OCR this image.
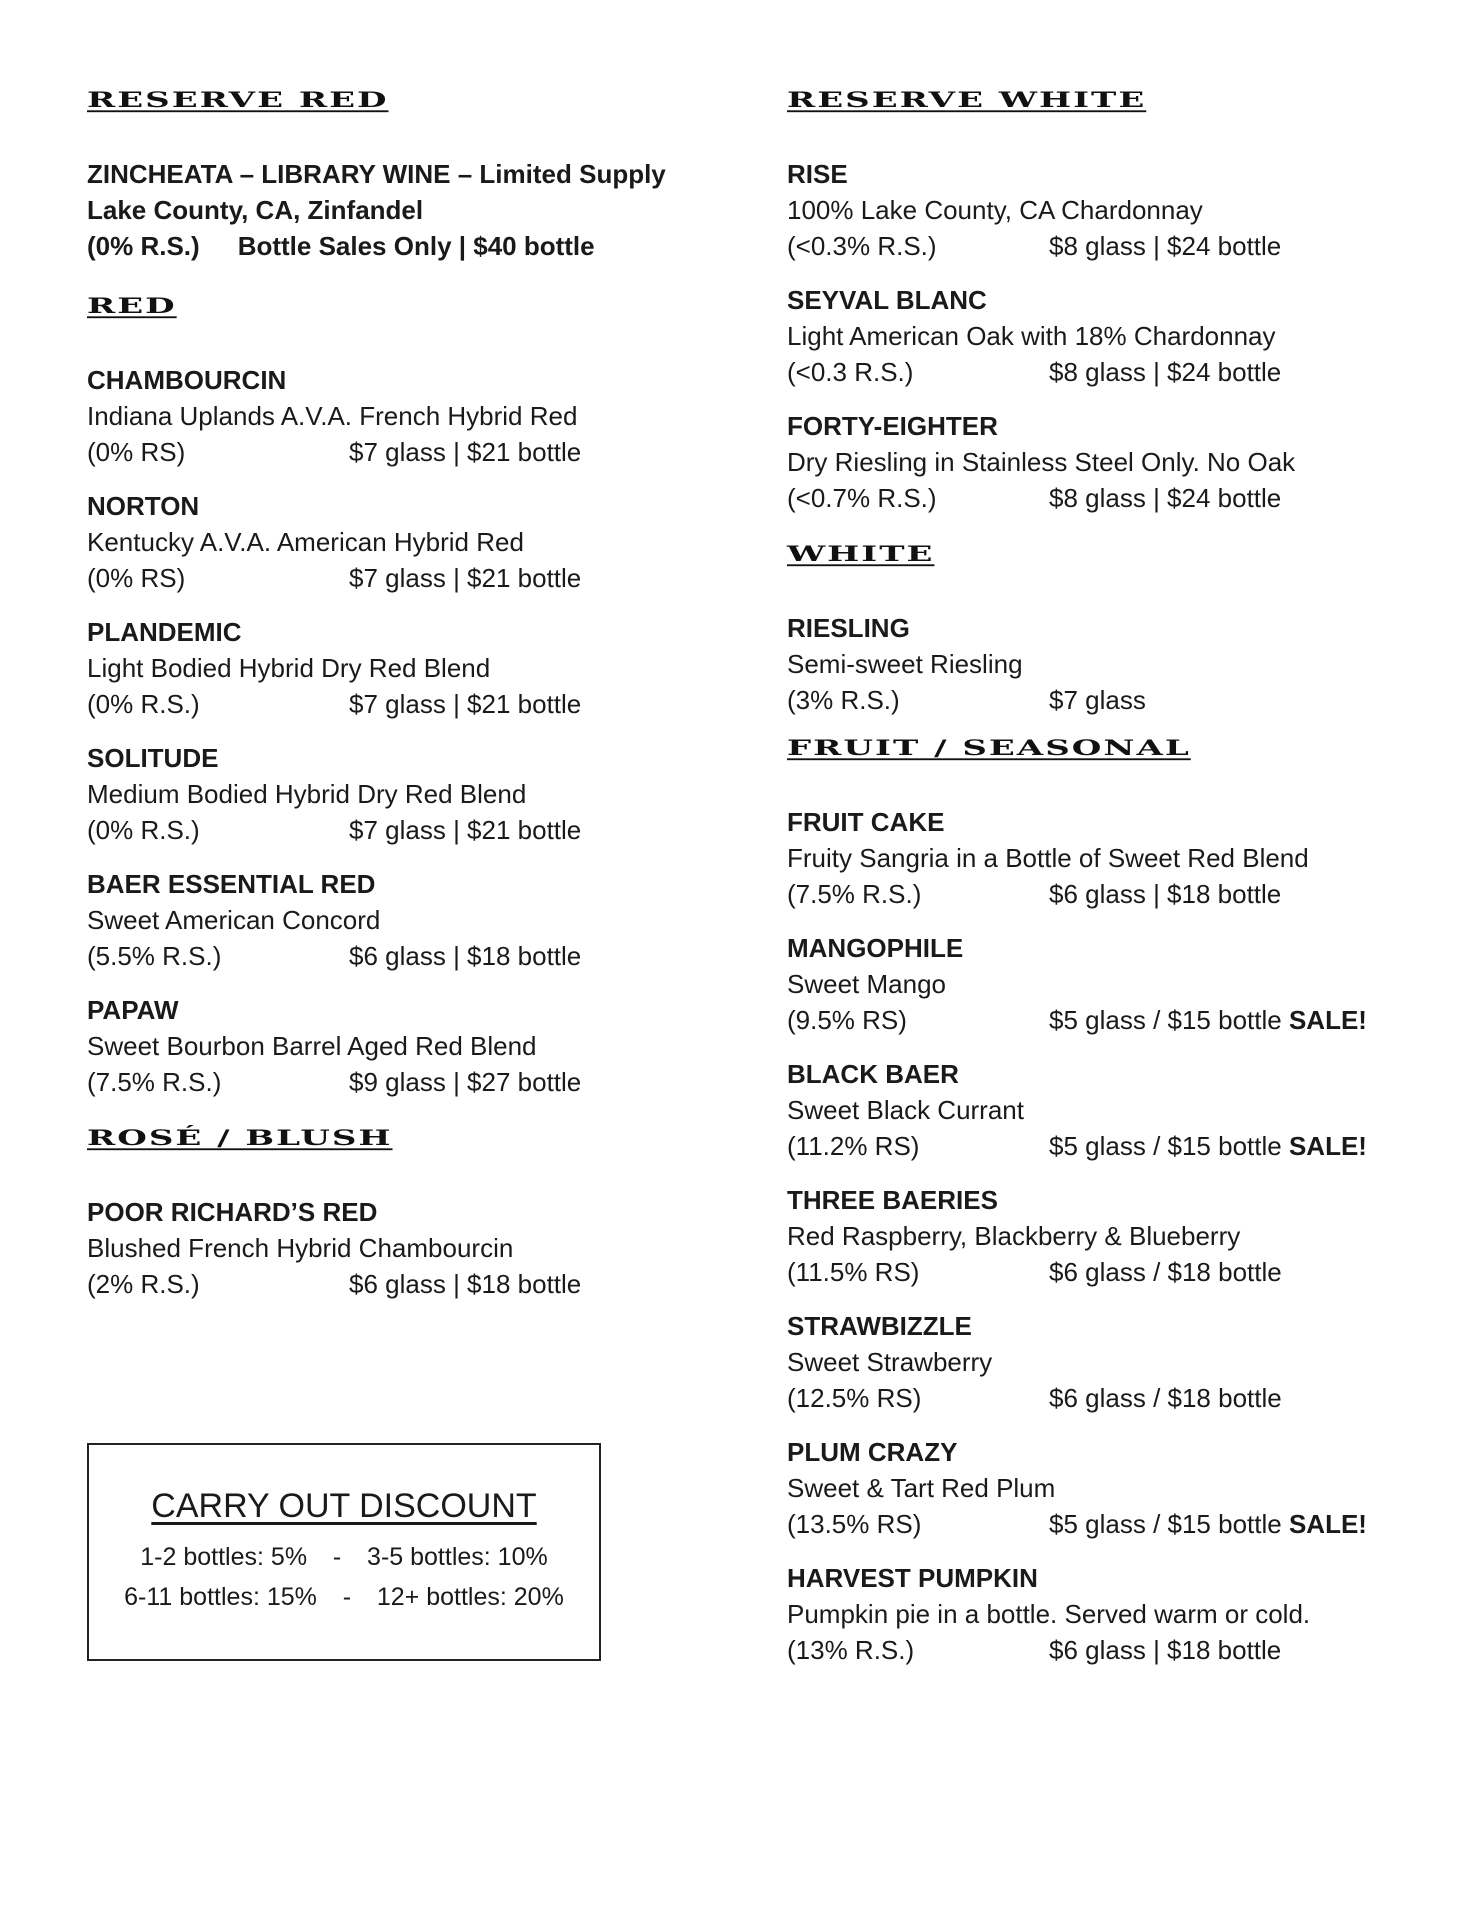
RESERVE RED
ZINCHEATA – LIBRARY WINE – Limited Supply
Lake County, CA, Zinfandel
(0% R.S.) Bottle Sales Only | $40 bottle
RED
CHAMBOURCIN
Indiana Uplands A.V.A. French Hybrid Red
(0% RS)	$7 glass | $21 bottle
NORTON
Kentucky A.V.A. American Hybrid Red
(0% RS)	$7 glass | $21 bottle
PLANDEMIC
Light Bodied Hybrid Dry Red Blend
(0% R.S.)	$7 glass | $21 bottle
SOLITUDE
Medium Bodied Hybrid Dry Red Blend
(0% R.S.)	$7 glass | $21 bottle
BAER ESSENTIAL RED
Sweet American Concord
(5.5% R.S.)	$6 glass | $18 bottle
PAPAW
Sweet Bourbon Barrel Aged Red Blend
(7.5% R.S.)	$9 glass | $27 bottle
ROSÉ / BLUSH
POOR RICHARD’S RED
Blushed French Hybrid Chambourcin
(2% R.S.)	$6 glass | $18 bottle
RESERVE WHITE
RISE
100% Lake County, CA Chardonnay
(<0.3% R.S.)	$8 glass | $24 bottle
SEYVAL BLANC
Light American Oak with 18% Chardonnay
(<0.3 R.S.)	$8 glass | $24 bottle
FORTY-EIGHTER
Dry Riesling in Stainless Steel Only. No Oak
(<0.7% R.S.)	$8 glass | $24 bottle
WHITE
RIESLING
Semi-sweet Riesling
(3% R.S.)	$7 glass
FRUIT / SEASONAL
FRUIT CAKE
Fruity Sangria in a Bottle of Sweet Red Blend
(7.5% R.S.)	$6 glass | $18 bottle
MANGOPHILE
Sweet Mango
(9.5% RS)	$5 glass / $15 bottle SALE!
BLACK BAER
Sweet Black Currant
(11.2% RS)	$5 glass / $15 bottle SALE!
THREE BAERIES
Red Raspberry, Blackberry & Blueberry
(11.5% RS)	$6 glass / $18 bottle
STRAWBIZZLE
Sweet Strawberry
(12.5% RS)	$6 glass / $18 bottle
PLUM CRAZY
Sweet & Tart Red Plum
(13.5% RS)	$5 glass / $15 bottle SALE!
HARVEST PUMPKIN
Pumpkin pie in a bottle. Served warm or cold.
(13% R.S.)	$6 glass | $18 bottle
CARRY OUT DISCOUNT
1-2 bottles: 5% - 3-5 bottles: 10%
6-11 bottles: 15% - 12+ bottles: 20%
